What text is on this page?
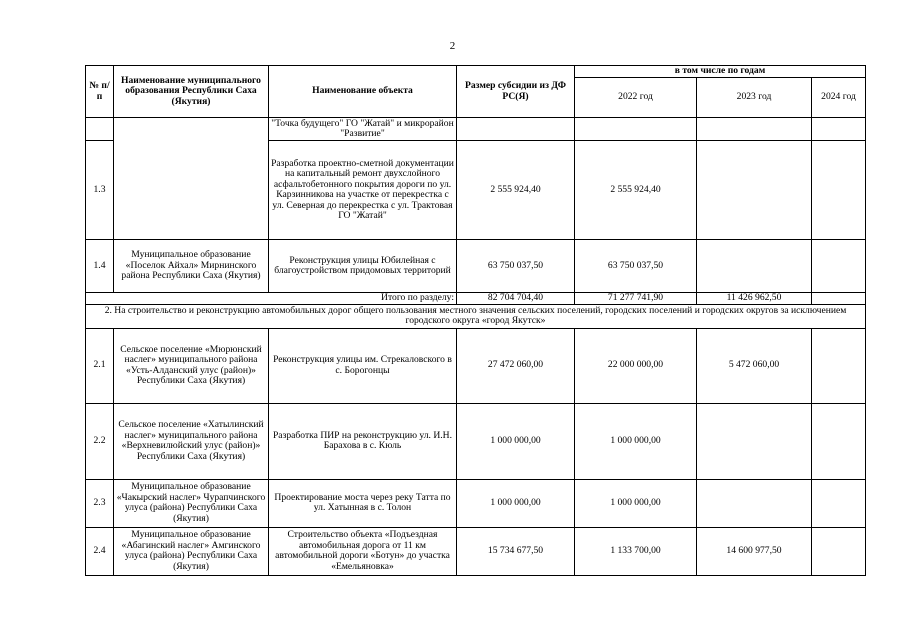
2
№ п/п	Наименование муниципального образования Республики Саха (Якутия)	Наименование объекта	Размер субсидии из ДФ РС(Я)	в том числе по годам		
				2022 год	2023 год	2024 год
		"Точка будущего" ГО "Жатай" и микрорайон "Развитие"				
1.3		Разработка проектно-сметной документации на капитальный ремонт двухслойного асфальтобетонного покрытия дороги по ул. Карзинникова на участке от перекрестка с ул. Северная до перекрестка с ул. Трактовая ГО "Жатай"	2 555 924,40	2 555 924,40		
1.4	Муниципальное образование «Поселок Айхал» Мирнинского района Республики Саха (Якутия)	Реконструкция улицы Юбилейная с благоустройством придомовых территорий	63 750 037,50	63 750 037,50		
Итого по разделу:			82 704 704,40	71 277 741,90	11 426 962,50	
2. На строительство и реконструкцию автомобильных дорог общего пользования местного значения сельских поселений, городских поселений и городских округов за исключением городского округа «город Якутск»						
2.1	Сельское поселение «Мюрюнский наслег» муниципального района «Усть-Алданский улус (район)» Республики Саха (Якутия)	Реконструкция улицы им. Стрекаловского в с. Борогонцы	27 472 060,00	22 000 000,00	5 472 060,00	
2.2	Сельское поселение «Хатылинский наслег» муниципального района «Верхневилюйский улус (район)» Республики Саха (Якутия)	Разработка ПИР на реконструкцию ул. И.Н. Барахова в с. Кюль	1 000 000,00	1 000 000,00		
2.3	Муниципальное образование «Чакырский наслег» Чурапчинского улуса (района) Республики Саха (Якутия)	Проектирование моста через реку Татта по ул. Хатынная в с. Толон	1 000 000,00	1 000 000,00		
2.4	Муниципальное образование «Абагинский наслег» Амгинского улуса (района) Республики Саха (Якутия)	Строительство объекта «Подъездная автомобильная дорога от 11 км автомобильной дороги «Ботун» до участка «Емельяновка»	15 734 677,50	1 133 700,00	14 600 977,50	
